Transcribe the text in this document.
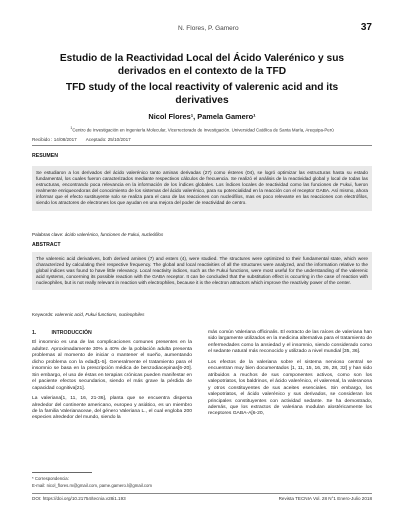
N. Flores, P. Gamero	37
Estudio de la Reactividad Local del Ácido Valerénico y sus derivados en el contexto de la TFD
TFD study of the local reactivity of valerenic acid and its derivatives
Nicol Flores¹, Pamela Gamero¹
$^1$Centro de Investigación en Ingeniería Molecular, Vicerrectorado de Investigación. Universidad Católica de Santa María, Arequipa-Perú
Recibido : 14/08/2017 Aceptado: 25/10/2017
RESUMEN
Se estudiaron a los derivados del ácido valerénico tanto aminas derivadas (27) como ésteres (04), se logró optimizar las estructuras hasta su estado fundamental, los cuales fueron caracterizados mediante respectivos cálculos de frecuencia. Se realizó el análisis de la reactividad global y local de todas las estructuras, encontrando poca relevancia en la información de los índices globales. Los índices locales de reactividad como las funciones de Fukui, fueron realmente enriquecedoras del conocimiento de los sistemas del ácido valerénico, para su potencialidad en la reacción con el receptor GABA. Así mismo, ahora informar que el efecto sustituyente solo se realiza para el caso de las reacciones con nucleófilos, mas es poco relevante en las reacciones con electrófilos, siendo los atractores de electrones los que ayudan en una mejora del poder de reactividad de centro.
Palabras clave: ácido valerénico, funciones de Fukui, nucleófilos
ABSTRACT
The valerenic acid derivatives, both derived amines (7) and esters (4), were studied. The structures were optimized to their fundamental state, which were characterized by calculating their respective frequency. The global and local reactivities of all the structures were analyzed, and the information relative to the global indices was found to have little relevancy. Local reactivity indices, such as the Fukui functions, were most useful for the understanding of the valerenic acid systems, concerning its possible reaction with the GABA receptor. It can be concluded that the substitution effect is occurring in the case of reaction with nucleophiles, but is not really relevant in reaction with electrophiles, because it is the electron attractors which improve the reactivity power of the center.
Keywords: valerenic acid, Fukui functions, nucleophiles
1.	INTRODUCCIÓN

El insomnio es una de las complicaciones comunes presentes en la adultez. Aproximadamente 30% a 40% de la población adulta presenta problemas al momento de iniciar o mantener el sueño, aumentando dicho problema con la edad[1-5]. Generalmente el tratamiento para el insomnio se basa en la prescripción médica de benzodiacepinas[6-20]. Sin embargo, el uso de éstas en terapias crónicas pueden manifestar en el paciente efectos secundarios, siendo el más grave la pérdida de capacidad cognitiva[21].

La valeriana[1, 11, 16, 21-36], planta que se encuentra dispersa alrededor del continente americano, europeo y asiático, es un miembro de la familia Valerianaceae, del género Valeriana L., el cual engloba 200 especies alrededor del mundo, siendo la

más común Valeriana officinalis. El extracto de las raíces de valeriana han sido largamente utilizados en la medicina alternativa para el tratamiento de enfermedades como la ansiedad y el insomnio, siendo considerado como el sedante natural más reconocido y utilizado a nivel mundial [35, 36].

Los efectos de la valeriana sobre el sistema nervioso central se encuentran muy bien documentados [1, 11, 15, 16, 26, 28, 32] y han sido atribuidos a muchos de sus componentes activos, como son los valepotriatos, los baldrinos, el ácido valerénico, el valerenal, la valeranona y otros constituyentes de sus aceites esenciales. Sin embargo, los valepotriatos, el ácido valerénico y sus derivados, se consideran los principales constituyentes con actividad sedante. Se ha demostrado, además, que los extractos de valeriana modulan alostéricamente los receptores GABA-A[6-20,

* Correspondencia:
E-mail: nicol_flores.m@gmail.com, pame.gamero.l@gmail.com
DOI: https://doi.org/10.21754/tecnia.v28i1.193	Revista TECNIA Vol. 28 N°1 Enero-Julio 2018
